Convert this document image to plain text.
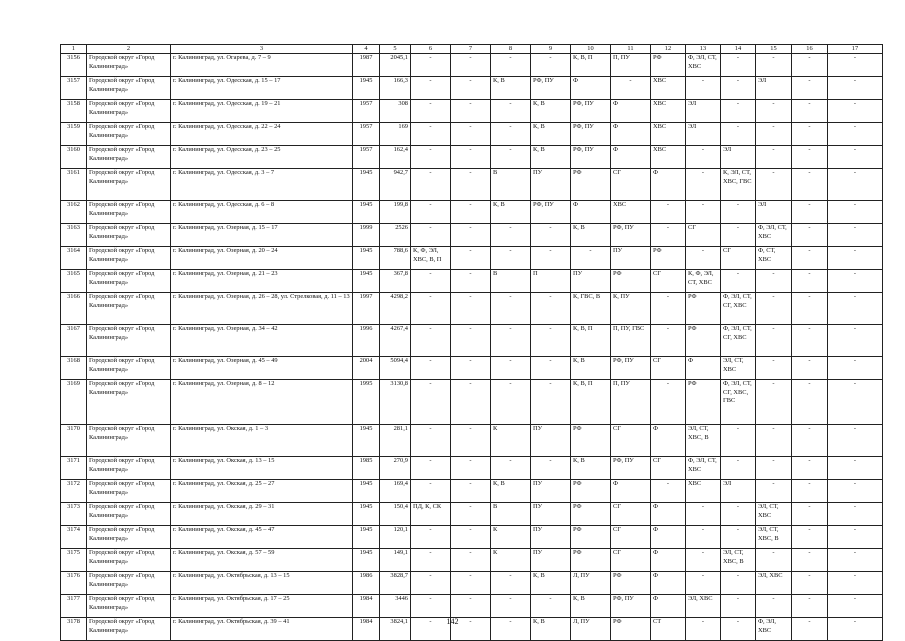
1	2	3	4	5	6	7	8	9	10	11	12	13	14	15	16	17
3156	Городской округ «Город Калининград»	г. Калининград, ул. Огарева, д. 7 – 9	1987	2045,1	-	-	-	-	К, В, П	П, ПУ	РФ	Ф, ЭЛ, СТ, ХВС	-	-	-	-
3157	Городской округ «Город Калининград»	г. Калининград, ул. Одесская, д. 15 – 17	1945	166,3	-	-	К, В	РФ, ПУ	Ф	-	ХВС	-	-	ЭЛ	-	-
3158	Городской округ «Город Калининград»	г. Калининград, ул. Одесская, д. 19 – 21	1957	308	-	-	-	К, В	РФ, ПУ	Ф	ХВС	ЭЛ	-	-	-	-
3159	Городской округ «Город Калининград»	г. Калининград, ул. Одесская, д. 22 – 24	1957	169	-	-	-	К, В	РФ, ПУ	Ф	ХВС	ЭЛ	-	-	-	-
3160	Городской округ «Город Калининград»	г. Калининград, ул. Одесская, д. 23 – 25	1957	162,4	-	-	-	К, В	РФ, ПУ	Ф	ХВС	-	ЭЛ	-	-	-
3161	Городской округ «Город Калининград»	г. Калининград, ул. Одесская, д. 3 – 7	1945	942,7	-	-	В	ПУ	РФ	СГ	Ф	-	К, ЭЛ, СТ, ХВС, ГВС	-	-	-
3162	Городской округ «Город Калининград»	г. Калининград, ул. Одесская, д. 6 – 8	1945	199,8	-	-	К, В	РФ, ПУ	Ф	ХВС	-	-	-	ЭЛ	-	-
3163	Городской округ «Город Калининград»	г. Калининград, ул. Озерная, д. 15 – 17	1999	2526	-	-	-	-	К, В	РФ, ПУ	-	СГ	-	Ф, ЭЛ, СТ, ХВС	-	-
3164	Городской округ «Город Калининград»	г. Калининград, ул. Озерная, д. 20 – 24	1945	788,6	К, Ф, ЭЛ, ХВС, В, П	-	-	-	-	ПУ	РФ	-	СГ	Ф, СТ, ХВС	-	-
3165	Городской округ «Город Калининград»	г. Калининград, ул. Озерная, д. 21 – 23	1945	367,8	-	-	В	П	ПУ	РФ	СГ	К, Ф, ЭЛ, СТ, ХВС	-	-	-	-
3166	Городской округ «Город Калининград»	г. Калининград, ул. Озерная, д. 26 – 28, ул. Стрелковая, д. 11 – 13	1997	4298,2	-	-	-	-	К, ГВС, В	К, ПУ	-	РФ	Ф, ЭЛ, СТ, СГ, ХВС	-	-	-
3167	Городской округ «Город Калининград»	г. Калининград, ул. Озерная, д. 34 – 42	1996	4267,4	-	-	-	-	К, В, П	П, ПУ, ГВС	-	РФ	Ф, ЭЛ, СТ, СГ, ХВС	-	-	-
3168	Городской округ «Город Калининград»	г. Калининград, ул. Озерная, д. 45 – 49	2004	5094,4	-	-	-	-	К, В	РФ, ПУ	СГ	Ф	ЭЛ, СТ, ХВС	-	-	-
3169	Городской округ «Город Калининград»	г. Калининград, ул. Озерная, д. 8 – 12	1995	3130,8	-	-	-	-	К, В, П	П, ПУ	-	РФ	Ф, ЭЛ, СТ, СГ, ХВС, ГВС	-	-	-
3170	Городской округ «Город Калининград»	г. Калининград, ул. Окская, д. 1 – 3	1945	281,1	-	-	К	ПУ	РФ	СГ	Ф	ЭЛ, СТ, ХВС, В	-	-	-	-
3171	Городской округ «Город Калининград»	г. Калининград, ул. Окская, д. 13 – 15	1985	270,9	-	-	-	-	К, В	РФ, ПУ	СГ	Ф, ЭЛ, СТ, ХВС	-	-	-	-
3172	Городской округ «Город Калининград»	г. Калининград, ул. Окская, д. 25 – 27	1945	169,4	-	-	К, В	ПУ	РФ	Ф	-	ХВС	ЭЛ	-	-	-
3173	Городской округ «Город Калининград»	г. Калининград, ул. Окская, д. 29 – 31	1945	150,4	ПД, К, СК	-	В	ПУ	РФ	СГ	Ф	-	-	ЭЛ, СТ, ХВС	-	-
3174	Городской округ «Город Калининград»	г. Калининград, ул. Окская, д. 45 – 47	1945	120,1	-	-	К	ПУ	РФ	СГ	Ф	-	-	ЭЛ, СТ, ХВС, В	-	-
3175	Городской округ «Город Калининград»	г. Калининград, ул. Окская, д. 57 – 59	1945	149,1	-	-	К	ПУ	РФ	СГ	Ф	-	ЭЛ, СТ, ХВС, В	-	-	-
3176	Городской округ «Город Калининград»	г. Калининград, ул. Октябрьская, д. 13 – 15	1986	3828,7	-	-	-	К, В	Л, ПУ	РФ	Ф	-	-	ЭЛ, ХВС	-	-
3177	Городской округ «Город Калининград»	г. Калининград, ул. Октябрьская, д. 17 – 25	1984	3446	-	-	-	-	К, В	РФ, ПУ	Ф	ЭЛ, ХВС	-	-	-	-
3178	Городской округ «Город Калининград»	г. Калининград, ул. Октябрьская, д. 39 – 41	1984	3824,1	-	-	-	К, В	Л, ПУ	РФ	СТ	-	-	Ф, ЭЛ, ХВС	-	-
142
